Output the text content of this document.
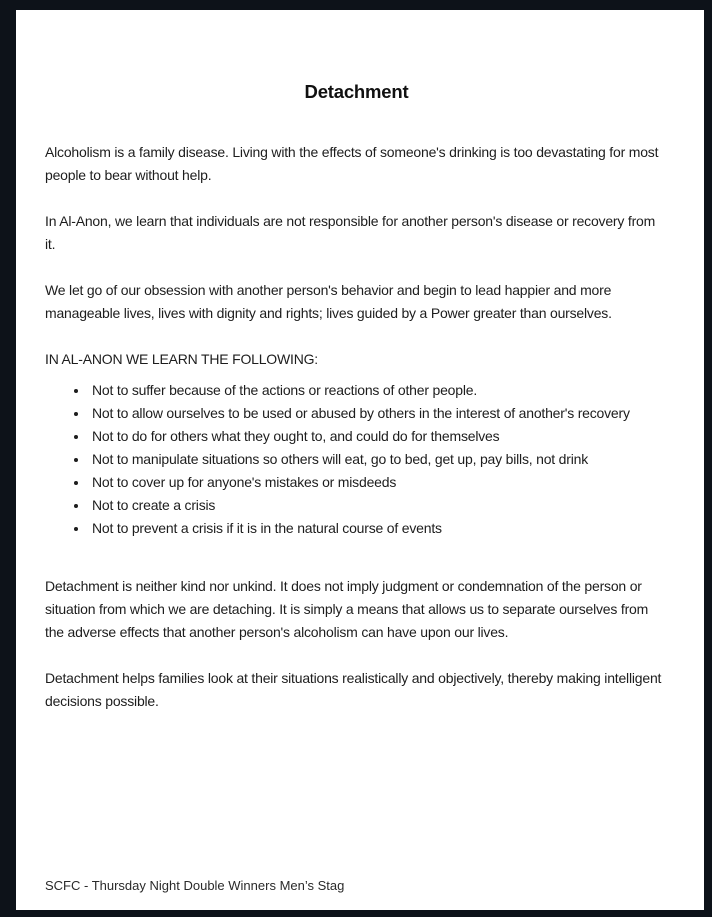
Detachment

Alcoholism is a family disease. Living with the effects of someone's drinking is too devastating for most people to bear without help.

In Al-Anon, we learn that individuals are not responsible for another person's disease or recovery from it.

We let go of our obsession with another person's behavior and begin to lead happier and more manageable lives, lives with dignity and rights; lives guided by a Power greater than ourselves.

IN AL-ANON WE LEARN THE FOLLOWING:

• Not to suffer because of the actions or reactions of other people.
• Not to allow ourselves to be used or abused by others in the interest of another's recovery
• Not to do for others what they ought to, and could do for themselves
• Not to manipulate situations so others will eat, go to bed, get up, pay bills, not drink
• Not to cover up for anyone's mistakes or misdeeds
• Not to create a crisis
• Not to prevent a crisis if it is in the natural course of events

Detachment is neither kind nor unkind. It does not imply judgment or condemnation of the person or situation from which we are detaching. It is simply a means that allows us to separate ourselves from the adverse effects that another person's alcoholism can have upon our lives.

Detachment helps families look at their situations realistically and objectively, thereby making intelligent decisions possible.

SCFC - Thursday Night Double Winners Men’s Stag
